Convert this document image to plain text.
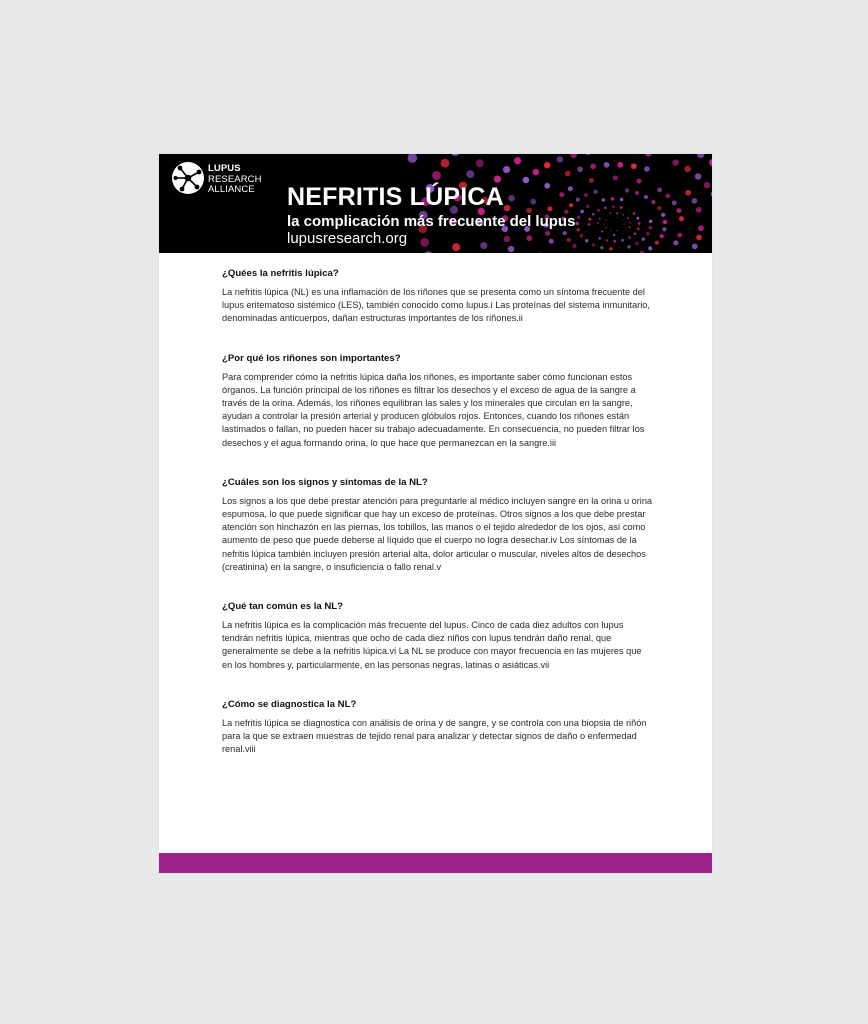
LUPUS
RESEARCH
ALLIANCE NEFRITIS LÚPICA
la complicación más frecuente del lupus
lupusresearch.org
¿Quées la nefritis lúpica?

La nefritis lúpica (NL) es una inflamación de los riñones que se presenta como un síntoma frecuente del lupus eritematoso sistémico (LES), también conocido como lupus.i Las proteínas del sistema inmunitario, denominadas anticuerpos, dañan estructuras importantes de los riñones.ii

¿Por qué los riñones son importantes?

Para comprender cómo la nefritis lúpica daña los riñones, es importante saber cómo funcionan estos órganos. La función principal de los riñones es filtrar los desechos y el exceso de agua de la sangre a través de la orina. Además, los riñones equilibran las sales y los minerales que circulan en la sangre, ayudan a controlar la presión arterial y producen glóbulos rojos. Entonces, cuando los riñones están lastimados o fallan, no pueden hacer su trabajo adecuadamente. En consecuencia, no pueden filtrar los desechos y el agua formando orina, lo que hace que permanezcan en la sangre.iii

¿Cuáles son los signos y síntomas de la NL?

Los signos a los que debe prestar atención para preguntarle al médico incluyen sangre en la orina u orina espumosa, lo que puede significar que hay un exceso de proteínas. Otros signos a los que debe prestar atención son hinchazón en las piernas, los tobillos, las manos o el tejido alrededor de los ojos, así como aumento de peso que puede deberse al líquido que el cuerpo no logra desechar.iv Los síntomas de la nefritis lúpica también incluyen presión arterial alta, dolor articular o muscular, niveles altos de desechos (creatinina) en la sangre, o insuficiencia o fallo renal.v

¿Qué tan común es la NL?

La nefritis lúpica es la complicación más frecuente del lupus. Cinco de cada diez adultos con lupus tendrán nefritis lúpica, mientras que ocho de cada diez niños con lupus tendrán daño renal, que generalmente se debe a la nefritis lúpica.vi La NL se produce con mayor frecuencia en las mujeres que en los hombres y, particularmente, en las personas negras, latinas o asiáticas.vii

¿Cómo se diagnostica la NL?

La nefritis lúpica se diagnostica con análisis de orina y de sangre, y se controla con una biopsia de riñón para la que se extraen muestras de tejido renal para analizar y detectar signos de daño o enfermedad renal.viii
